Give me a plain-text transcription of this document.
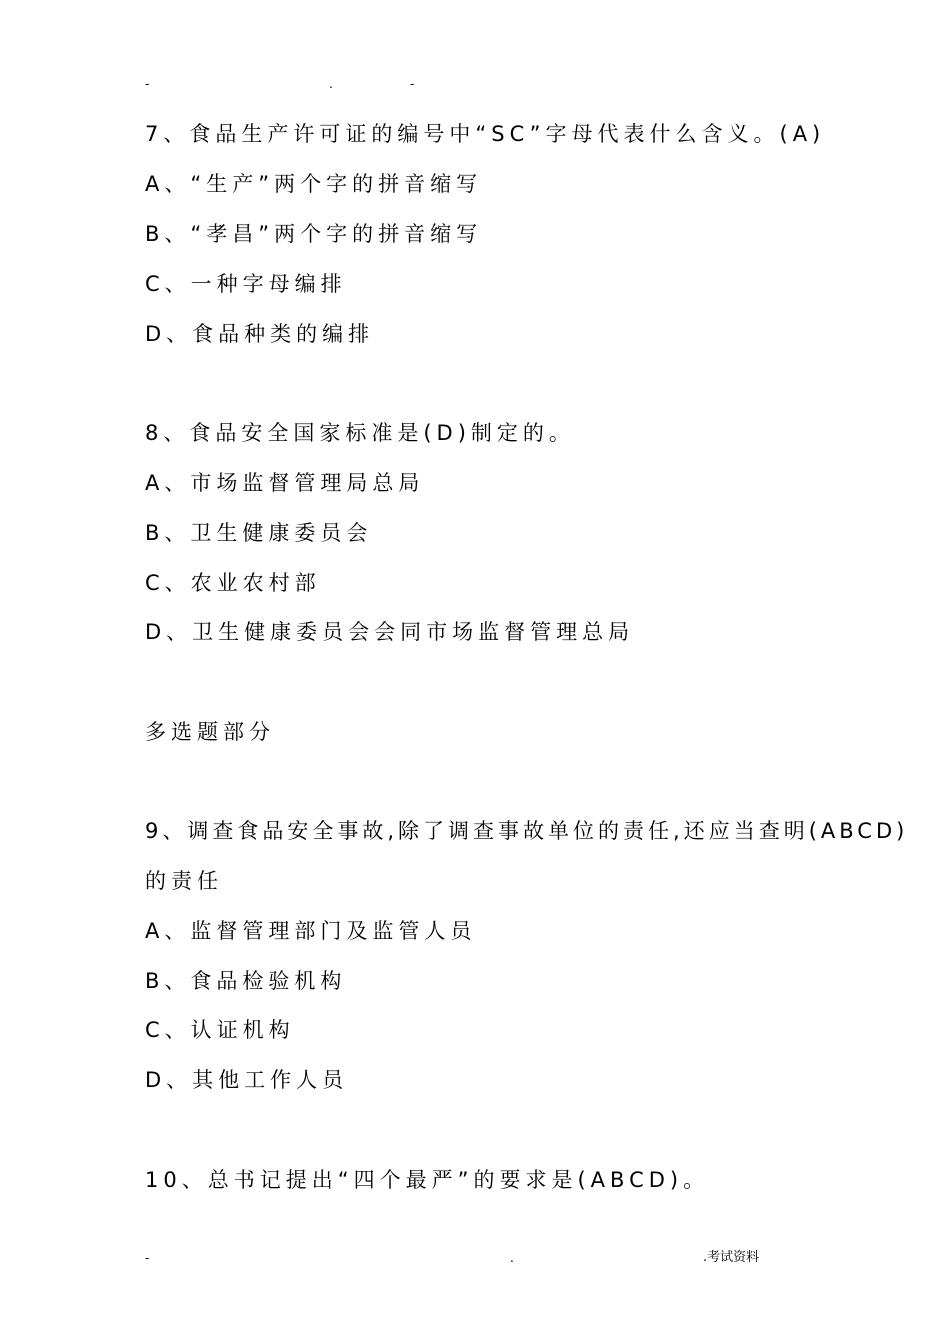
-	.	-
7、食品生产许可证的编号中“SC”字母代表什么含义。(A)
A、“生产”两个字的拼音缩写
B、“孝昌”两个字的拼音缩写
C、一种字母编排
D、食品种类的编排
8、食品安全国家标准是(D)制定的。
A、市场监督管理局总局
B、卫生健康委员会
C、农业农村部
D、卫生健康委员会会同市场监督管理总局
多选题部分
9、调查食品安全事故,除了调查事故单位的责任,还应当查明(ABCD)
的责任
A、监督管理部门及监管人员
B、食品检验机构
C、认证机构
D、其他工作人员
10、总书记提出“四个最严”的要求是(ABCD)。
-	.	.考试资料
